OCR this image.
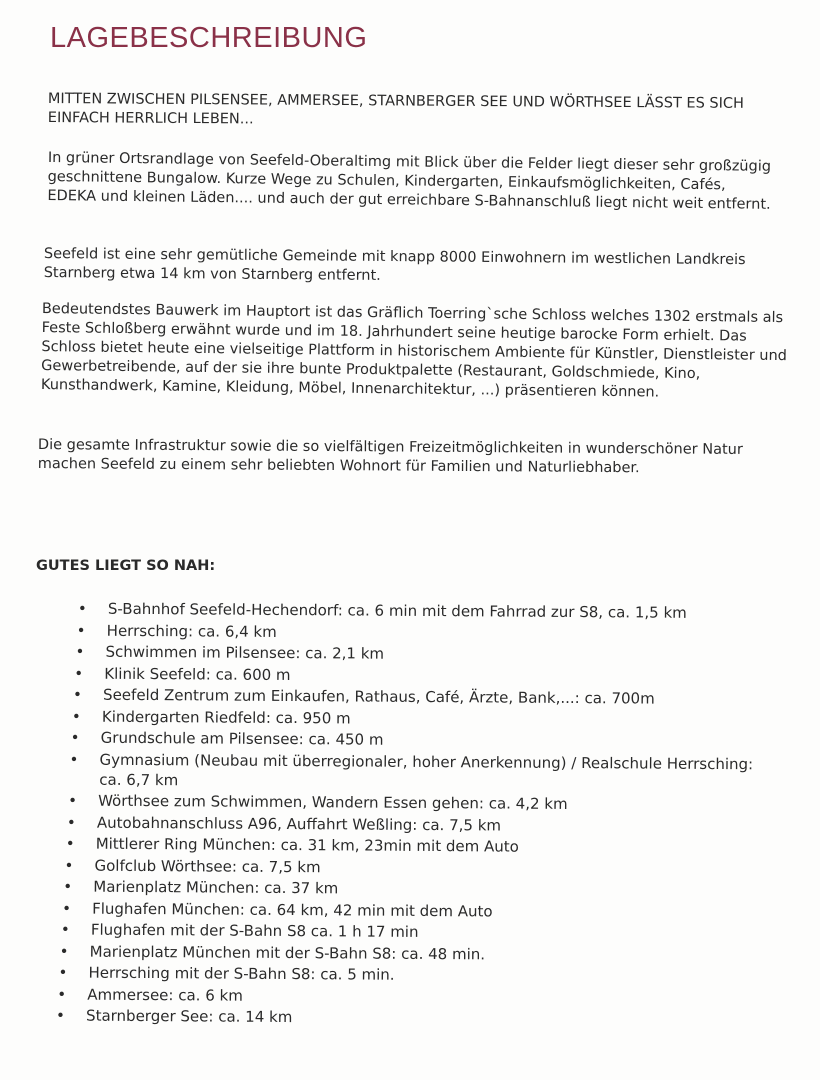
LAGEBESCHREIBUNG

MITTEN ZWISCHEN PILSENSEE, AMMERSEE, STARNBERGER SEE UND WÖRTHSEE LÄSST ES SICH EINFACH HERRLICH LEBEN...

In grüner Ortsrandlage von Seefeld-Oberaltimg mit Blick über die Felder liegt dieser sehr großzügig geschnittene Bungalow. Kurze Wege zu Schulen, Kindergarten, Einkaufsmöglichkeiten, Cafés, EDEKA und kleinen Läden.... und auch der gut erreichbare S-Bahnanschluß liegt nicht weit entfernt.

Seefeld ist eine sehr gemütliche Gemeinde mit knapp 8000 Einwohnern im westlichen Landkreis Starnberg etwa 14 km von Starnberg entfernt.

Bedeutendstes Bauwerk im Hauptort ist das Gräflich Toerring`sche Schloss welches 1302 erstmals als Feste Schloßberg erwähnt wurde und im 18. Jahrhundert seine heutige barocke Form erhielt. Das Schloss bietet heute eine vielseitige Plattform in historischem Ambiente für Künstler, Dienstleister und Gewerbetreibende, auf der sie ihre bunte Produktpalette (Restaurant, Goldschmiede, Kino, Kunsthandwerk, Kamine, Kleidung, Möbel, Innenarchitektur, ...) präsentieren können.

Die gesamte Infrastruktur sowie die so vielfältigen Freizeitmöglichkeiten in wunderschöner Natur machen Seefeld zu einem sehr beliebten Wohnort für Familien und Naturliebhaber.

GUTES LIEGT SO NAH:
• S-Bahnhof Seefeld-Hechendorf: ca. 6 min mit dem Fahrrad zur S8, ca. 1,5 km
• Herrsching: ca. 6,4 km
• Schwimmen im Pilsensee: ca. 2,1 km
• Klinik Seefeld: ca. 600 m
• Seefeld Zentrum zum Einkaufen, Rathaus, Café, Ärzte, Bank,...: ca. 700m
• Kindergarten Riedfeld: ca. 950 m
• Grundschule am Pilsensee: ca. 450 m
• Gymnasium (Neubau mit überregionaler, hoher Anerkennung) / Realschule Herrsching: ca. 6,7 km
• Wörthsee zum Schwimmen, Wandern Essen gehen: ca. 4,2 km
• Autobahnanschluss A96, Auffahrt Weßling: ca. 7,5 km
• Mittlerer Ring München: ca. 31 km, 23min mit dem Auto
• Golfclub Wörthsee: ca. 7,5 km
• Marienplatz München: ca. 37 km
• Flughafen München: ca. 64 km, 42 min mit dem Auto
• Flughafen mit der S-Bahn S8 ca. 1 h 17 min
• Marienplatz München mit der S-Bahn S8: ca. 48 min.
• Herrsching mit der S-Bahn S8: ca. 5 min.
• Ammersee: ca. 6 km
• Starnberger See: ca. 14 km
